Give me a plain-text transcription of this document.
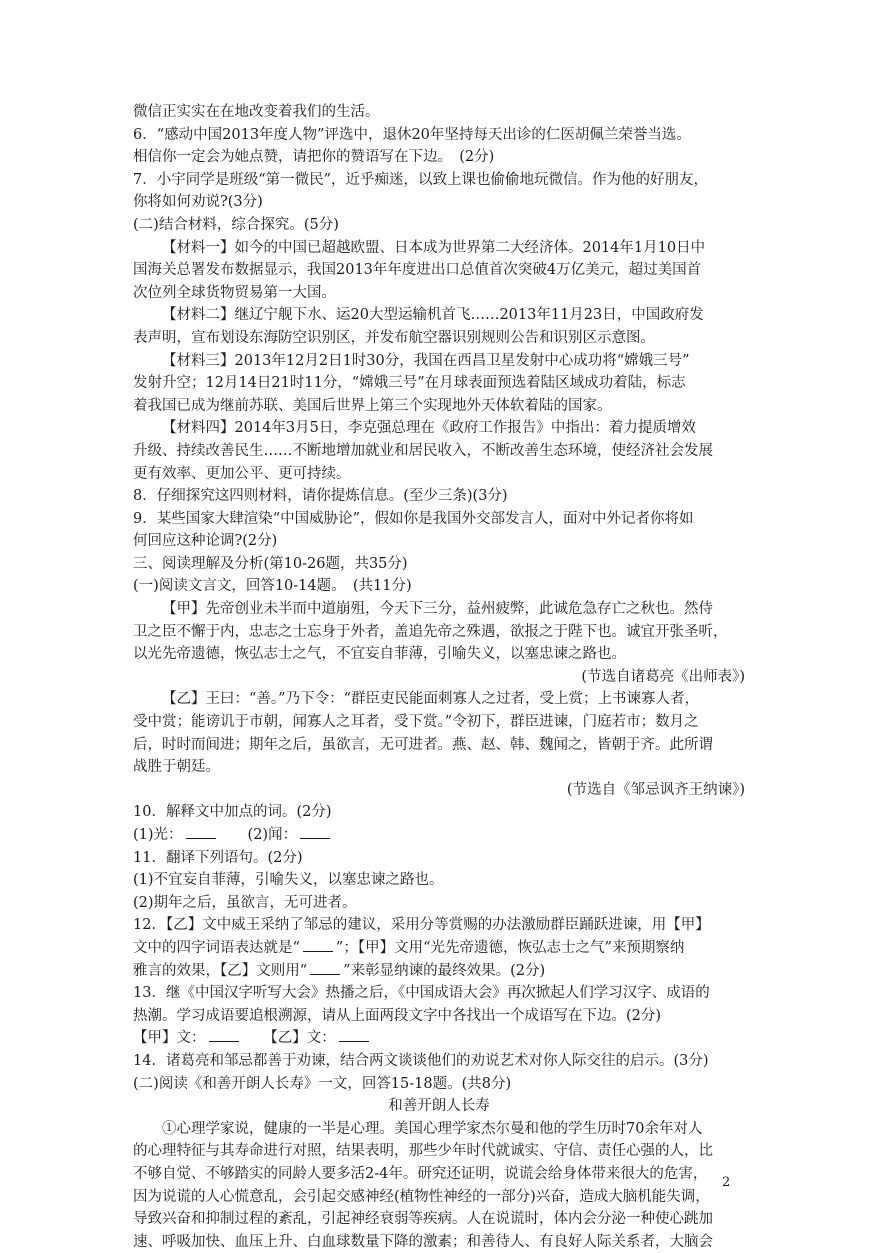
微信正实实在在地改变着我们的生活。

6．“感动中国2013年度人物”评选中，退休20年坚持每天出诊的仁医胡佩兰荣誉当选。

相信你一定会为她点赞，请把你的赞语写在下边。　(2分)

7．小宇同学是班级“第一微民”，近乎痴迷，以致上课也偷偷地玩微信。作为他的好朋友，

你将如何劝说?(3分)

(二)结合材料，综合探究。(5分)

【材料一】如今的中国已超越欧盟、日本成为世界第二大经济体。2014年1月10日中

国海关总署发布数据显示，我国2013年年度进出口总值首次突破4万亿美元，超过美国首

次位列全球货物贸易第一大国。

【材料二】继辽宁舰下水、运20大型运输机首飞……2013年11月23日，中国政府发

表声明，宣布划设东海防空识别区，并发布航空器识别规则公告和识别区示意图。

【材料三】2013年12月2日1时30分，我国在西昌卫星发射中心成功将“嫦娥三号”

发射升空；12月14日21时11分，“嫦娥三号”在月球表面预选着陆区域成功着陆，标志

着我国已成为继前苏联、美国后世界上第三个实现地外天体软着陆的国家。

【材料四】2014年3月5日，李克强总理在《政府工作报告》中指出：着力提质增效

升级、持续改善民生……不断地增加就业和居民收入，不断改善生态环境，使经济社会发展

更有效率、更加公平、更可持续。

8．仔细探究这四则材料，请你提炼信息。(至少三条)(3分)

9．某些国家大肆渲染“中国威胁论”，假如你是我国外交部发言人，面对中外记者你将如

何回应这种论调?(2分)

三、阅读理解及分析(第10-26题，共35分)

(一)阅读文言文，回答10-14题。　(共11分)

【甲】先帝创业未半而中道崩殂，今天下三分，益州疲弊，此诚危急存亡之秋也。然侍

卫之臣不懈于内，忠志之士忘身于外者，盖追先帝之殊遇，欲报之于陛下也。诚宜开张圣听，

以光先帝遗德，恢弘志士之气，不宜妄自菲薄，引喻失义，以塞忠谏之路也。

(节选自诸葛亮《出师表》)

【乙】王曰：“善。”乃下令：“群臣吏民能面刺寡人之过者，受上赏；上书谏寡人者，

受中赏；能谤讥于市朝，闻寡人之耳者，受下赏。”令初下，群臣进谏，门庭若市；数月之

后，时时而间进；期年之后，虽欲言，无可进者。燕、赵、韩、魏闻之，皆朝于齐。此所谓

战胜于朝廷。

(节选自《邹忌讽齐王纳谏》)

10．解释文中加点的词。(2分)

(1)光：　　	(2)闻：

11．翻译下列语句。(2分)

(1)不宜妄自菲薄，引喻失义，以塞忠谏之路也。

(2)期年之后，虽欲言，无可进者。

12．【乙】文中威王采纳了邹忌的建议，采用分等赏赐的办法激励群臣踊跃进谏，用【甲】

文中的四字词语表达就是“ ”；【甲】文用“光先帝遗德，恢弘志士之气”来预期察纳

雅言的效果，【乙】文则用“ ”来彰显纳谏的最终效果。(2分)

13．继《中国汉字听写大会》热播之后，《中国成语大会》再次掀起人们学习汉字、成语的

热潮。学习成语要追根溯源，请从上面两段文字中各找出一个成语写在下边。(2分)

【甲】文：　　	【乙】文：

14．诸葛亮和邹忌都善于劝谏，结合两文谈谈他们的劝说艺术对你人际交往的启示。(3分)

(二)阅读《和善开朗人长寿》一文，回答15-18题。(共8分)

和善开朗人长寿

①心理学家说，健康的一半是心理。美国心理学家杰尔曼和他的学生历时70余年对人

的心理特征与其寿命进行对照，结果表明，那些少年时代就诚实、守信、责任心强的人，比

不够自觉、不够踏实的同龄人要多活2-4年。研究还证明，说谎会给身体带来很大的危害，

因为说谎的人心慌意乱，会引起交感神经(植物性神经的一部分)兴奋，造成大脑机能失调，

导致兴奋和抑制过程的紊乱，引起神经衰弱等疾病。人在说谎时，体内会分泌一种使心跳加

速、呼吸加快、血压上升、白血球数量下降的激素；和善待人、有良好人际关系者，大脑会

2
